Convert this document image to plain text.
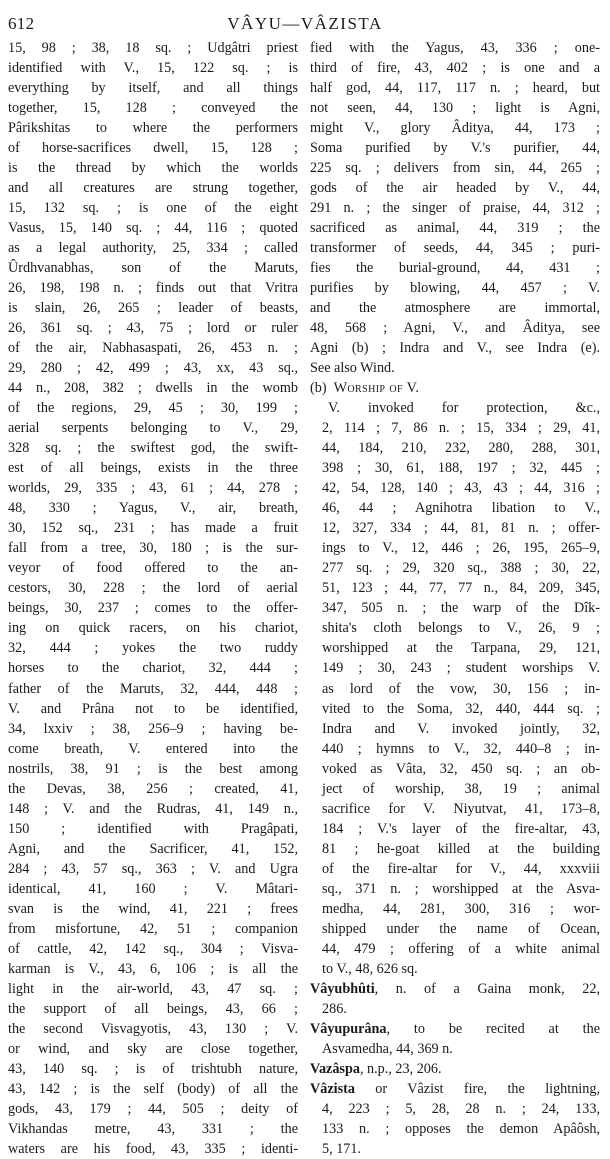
612	VÂYU—VÂZISTA
15, 98 ; 38, 18 sq. ; Udgâtri priest
identified with V., 15, 122 sq. ; is
everything by itself, and all things
together, 15, 128 ; conveyed the
Pârikshitas to where the performers
of horse-sacrifices dwell, 15, 128 ;
is the thread by which the worlds
and all creatures are strung together,
15, 132 sq. ; is one of the eight
Vasus, 15, 140 sq. ; 44, 116 ; quoted
as a legal authority, 25, 334 ; called
Ûrdhvanabhas, son of the Maruts,
26, 198, 198 n. ; finds out that Vritra
is slain, 26, 265 ; leader of beasts,
26, 361 sq. ; 43, 75 ; lord or ruler
of the air, Nabhasaspati, 26, 453 n. ;
29, 280 ; 42, 499 ; 43, xx, 43 sq.,
44 n., 208, 382 ; dwells in the womb
of the regions, 29, 45 ; 30, 199 ;
aerial serpents belonging to V., 29,
328 sq. ; the swiftest god, the swift-
est of all beings, exists in the three
worlds, 29, 335 ; 43, 61 ; 44, 278 ;
48, 330 ; Yagus, V., air, breath,
30, 152 sq., 231 ; has made a fruit
fall from a tree, 30, 180 ; is the sur-
veyor of food offered to the an-
cestors, 30, 228 ; the lord of aerial
beings, 30, 237 ; comes to the offer-
ing on quick racers, on his chariot,
32, 444 ; yokes the two ruddy
horses to the chariot, 32, 444 ;
father of the Maruts, 32, 444, 448 ;
V. and Prâna not to be identified,
34, lxxiv ; 38, 256–9 ; having be-
come breath, V. entered into the
nostrils, 38, 91 ; is the best among
the Devas, 38, 256 ; created, 41,
148 ; V. and the Rudras, 41, 149 n.,
150 ; identified with Pragâpati,
Agni, and the Sacrificer, 41, 152,
284 ; 43, 57 sq., 363 ; V. and Ugra
identical, 41, 160 ; V. Mâtari-
svan is the wind, 41, 221 ; frees
from misfortune, 42, 51 ; companion
of cattle, 42, 142 sq., 304 ; Visva-
karman is V., 43, 6, 106 ; is all the
light in the air-world, 43, 47 sq. ;
the support of all beings, 43, 66 ;
the second Visvagyotis, 43, 130 ; V.
or wind, and sky are close together,
43, 140 sq. ; is of trishtubh nature,
43, 142 ; is the self (body) of all the
gods, 43, 179 ; 44, 505 ; deity of
Vikhandas metre, 43, 331 ; the
waters are his food, 43, 335 ; identi-
fied with the Yagus, 43, 336 ; one-
third of fire, 43, 402 ; is one and a
half god, 44, 117, 117 n. ; heard, but
not seen, 44, 130 ; light is Agni,
might V., glory Âditya, 44, 173 ;
Soma purified by V.'s purifier, 44,
225 sq. ; delivers from sin, 44, 265 ;
gods of the air headed by V., 44,
291 n. ; the singer of praise, 44, 312 ;
sacrificed as animal, 44, 319 ; the
transformer of seeds, 44, 345 ; puri-
fies the burial-ground, 44, 431 ;
purifies by blowing, 44, 457 ; V.
and the atmosphere are immortal,
48, 568 ; Agni, V., and Âditya, see
Agni (b) ; Indra and V., see Indra (e).
See also Wind.
(b) Worship of V.
V. invoked for protection, &c.,
2, 114 ; 7, 86 n. ; 15, 334 ; 29, 41,
44, 184, 210, 232, 280, 288, 301,
398 ; 30, 61, 188, 197 ; 32, 445 ;
42, 54, 128, 140 ; 43, 43 ; 44, 316 ;
46, 44 ; Agnihotra libation to V.,
12, 327, 334 ; 44, 81, 81 n. ; offer-
ings to V., 12, 446 ; 26, 195, 265–9,
277 sq. ; 29, 320 sq., 388 ; 30, 22,
51, 123 ; 44, 77, 77 n., 84, 209, 345,
347, 505 n. ; the warp of the Dîk-
shita's cloth belongs to V., 26, 9 ;
worshipped at the Tarpana, 29, 121,
149 ; 30, 243 ; student worships V.
as lord of the vow, 30, 156 ; in-
vited to the Soma, 32, 440, 444 sq. ;
Indra and V. invoked jointly, 32,
440 ; hymns to V., 32, 440–8 ; in-
voked as Vâta, 32, 450 sq. ; an ob-
ject of worship, 38, 19 ; animal
sacrifice for V. Niyutvat, 41, 173–8,
184 ; V.'s layer of the fire-altar, 43,
81 ; he-goat killed at the building
of the fire-altar for V., 44, xxxviii
sq., 371 n. ; worshipped at the Asva-
medha, 44, 281, 300, 316 ; wor-
shipped under the name of Ocean,
44, 479 ; offering of a white animal
to V., 48, 626 sq.
Vâyubhûti, n. of a Gaina monk, 22,
286.
Vâyupurâna, to be recited at the
Asvamedha, 44, 369 n.
Vazâspa, n.p., 23, 206.
Vâzista or Vâzist fire, the lightning,
4, 223 ; 5, 28, 28 n. ; 24, 133,
133 n. ; opposes the demon Apâôsh,
5, 171.
